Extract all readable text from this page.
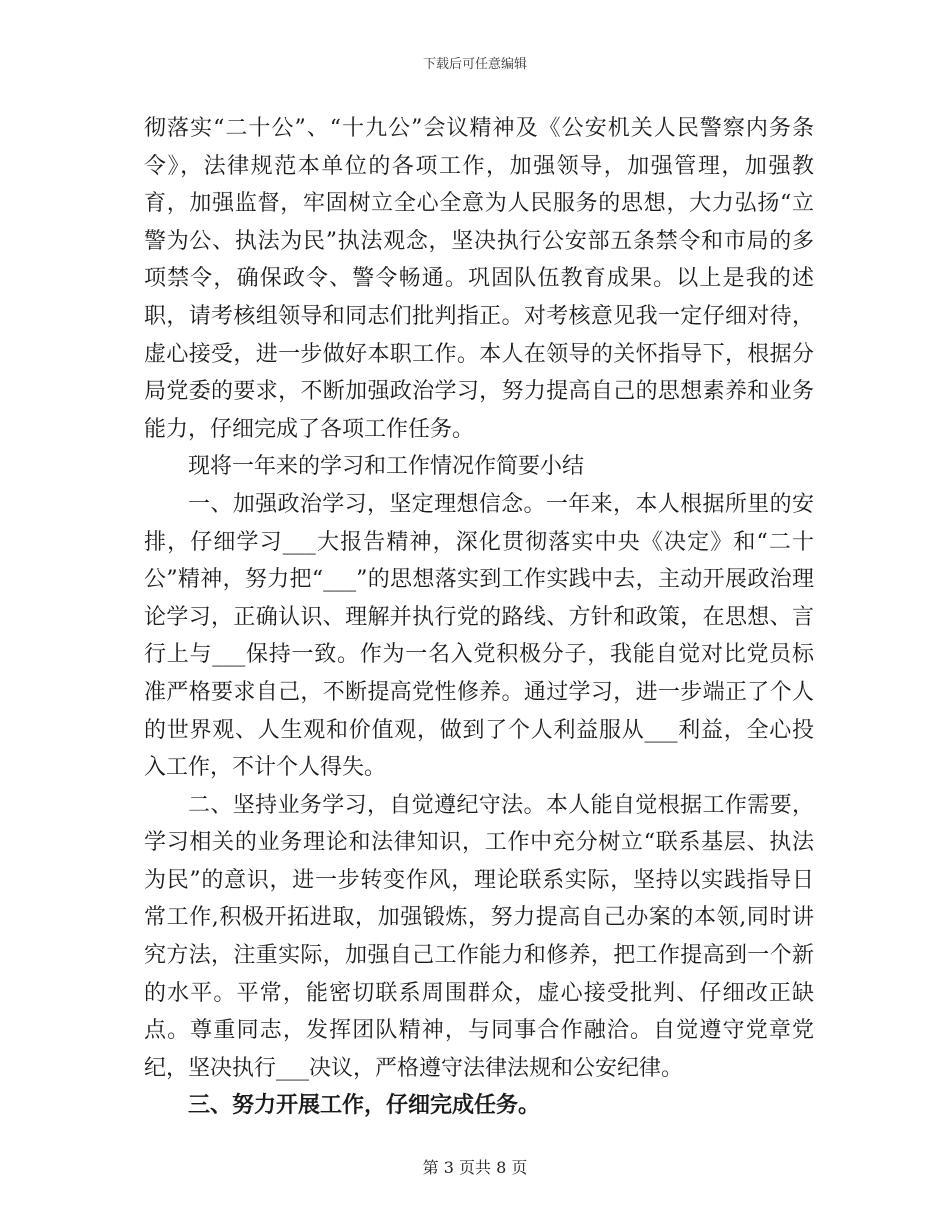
下载后可任意编辑

彻落实“二十公”、“十九公”会议精神及《公安机关人民警察内务条令》，法律规范本单位的各项工作，加强领导，加强管理，加强教育，加强监督，牢固树立全心全意为人民服务的思想，大力弘扬“立警为公、执法为民”执法观念，坚决执行公安部五条禁令和市局的多项禁令，确保政令、警令畅通。巩固队伍教育成果。以上是我的述职，请考核组领导和同志们批判指正。对考核意见我一定仔细对待，虚心接受，进一步做好本职工作。本人在领导的关怀指导下，根据分局党委的要求，不断加强政治学习，努力提高自己的思想素养和业务能力，仔细完成了各项工作任务。

现将一年来的学习和工作情况作简要小结

一、加强政治学习，坚定理想信念。一年来，本人根据所里的安排，仔细学习___大报告精神，深化贯彻落实中央《决定》和“二十公”精神，努力把“___”的思想落实到工作实践中去，主动开展政治理论学习，正确认识、理解并执行党的路线、方针和政策，在思想、言行上与___保持一致。作为一名入党积极分子，我能自觉对比党员标准严格要求自己，不断提高党性修养。通过学习，进一步端正了个人的世界观、人生观和价值观，做到了个人利益服从___利益，全心投入工作，不计个人得失。

二、坚持业务学习，自觉遵纪守法。本人能自觉根据工作需要，学习相关的业务理论和法律知识，工作中充分树立“联系基层、执法为民”的意识，进一步转变作风，理论联系实际，坚持以实践指导日常工作,积极开拓进取，加强锻炼，努力提高自己办案的本领,同时讲究方法，注重实际，加强自己工作能力和修养，把工作提高到一个新的水平。平常，能密切联系周围群众，虚心接受批判、仔细改正缺点。尊重同志，发挥团队精神，与同事合作融洽。自觉遵守党章党纪，坚决执行___决议，严格遵守法律法规和公安纪律。

三、努力开展工作，仔细完成任务。

第 3 页共 8 页
